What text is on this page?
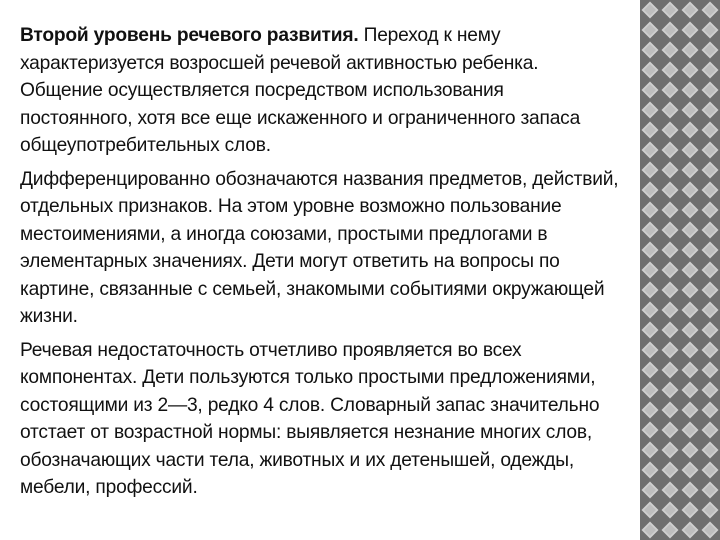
Второй уровень речевого развития. Переход к нему характеризуется возросшей речевой активностью ребенка. Общение осуществляется посредством использования постоянного, хотя все еще искаженного и ограниченного запаса общеупотребительных слов.

Дифференцированно обозначаются названия предметов, действий, отдельных признаков. На этом уровне возможно пользование местоимениями, а иногда союзами, простыми предлогами в элементарных значениях. Дети могут ответить на вопросы по картине, связанные с семьей, знакомыми событиями окружающей жизни.

Речевая недостаточность отчетливо проявляется во всех компонентах. Дети пользуются только простыми предложениями, состоящими из 2—3, редко 4 слов. Словарный запас значительно отстает от возрастной нормы: выявляется незнание многих слов, обозначающих части тела, животных и их детенышей, одежды, мебели, профессий.
